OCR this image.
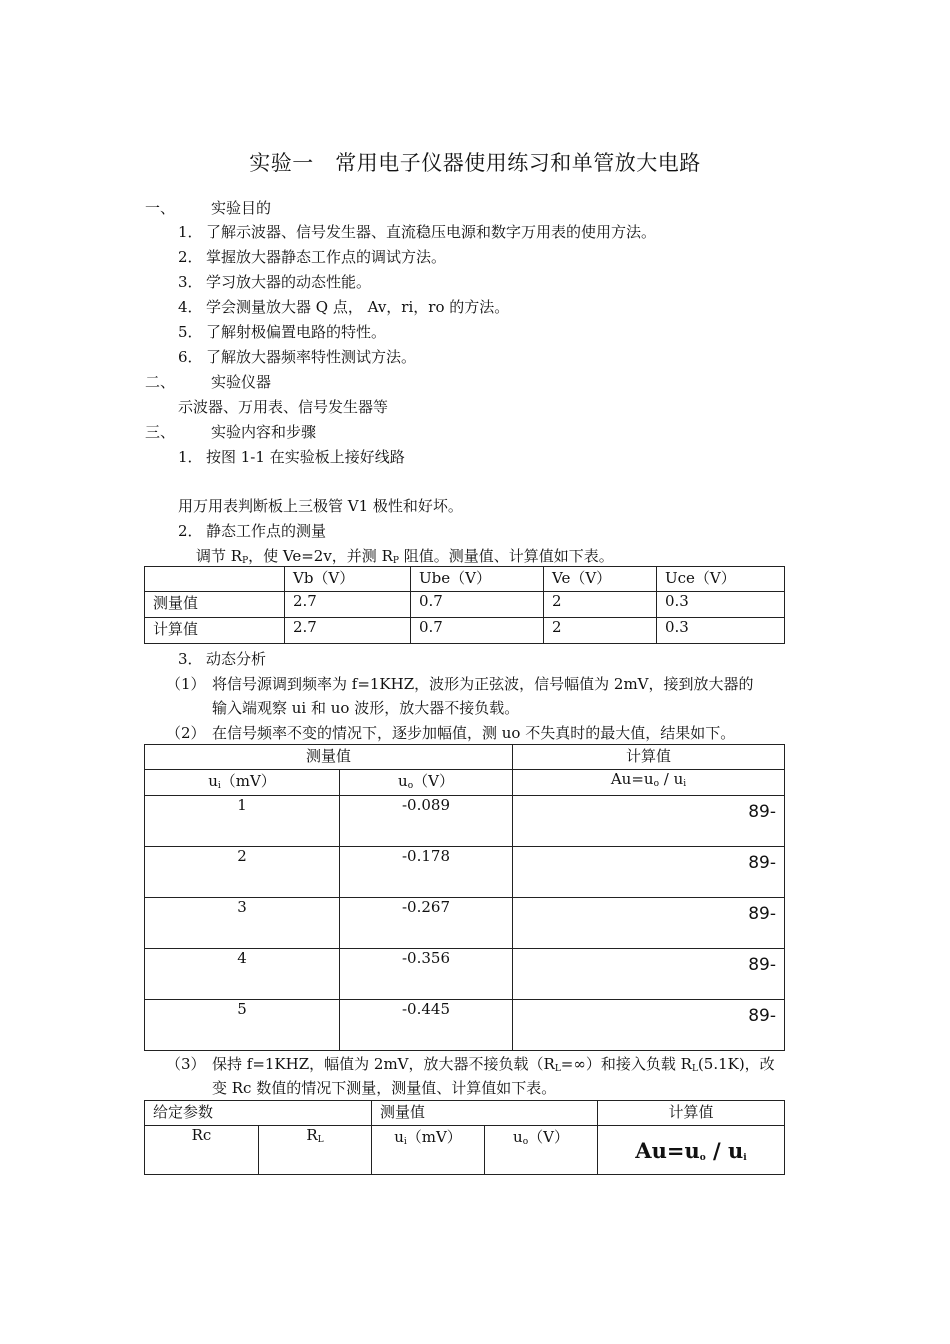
实验一　常用电子仪器使用练习和单管放大电路
一、 实验目的
1． 了解示波器、信号发生器、直流稳压电源和数字万用表的使用方法。
2． 掌握放大器静态工作点的调试方法。
3． 学习放大器的动态性能。
4． 学会测量放大器 Q 点， Av，ri，ro 的方法。
5． 了解射极偏置电路的特性。
6． 了解放大器频率特性测试方法。
二、 实验仪器
示波器、万用表、信号发生器等
三、 实验内容和步骤
1． 按图 1-1 在实验板上接好线路
用万用表判断板上三极管 V1 极性和好坏。
2． 静态工作点的测量
调节 $R_P$，使 Ve=2v，并测 $R_P$ 阻值。测量值、计算值如下表。
	Vb（V）	Ube（V）	Ve（V）	Uce（V）
测量值	2.7	0.7	2	0.3
计算值	2.7	0.7	2	0.3
3． 动态分析
（1） 将信号源调到频率为 f=1KHZ，波形为正弦波，信号幅值为 2mV，接到放大器的
输入端观察 ui 和 uo 波形，放大器不接负载。
（2） 在信号频率不变的情况下，逐步加幅值，测 uo 不失真时的最大值，结果如下。
测量值		计算值
$u_i(mV)$	$u_o(V)$	$Au=u_o / u_i$
1	-0.089	89-
2	-0.178	89-
3	-0.267	89-
4	-0.356	89-
5	-0.445	89-
（3） 保持 f=1KHZ，幅值为 2mV，放大器不接负载$(R_L=\infty)$和接入负载 $R_L(5.1K)$，改
变 Rc 数值的情况下测量，测量值、计算值如下表。
给定参数		测量值		计算值
Rc	$R_L$	$u_i(mV)$	$u_o(V)$	$Au=u_o / u_i$
